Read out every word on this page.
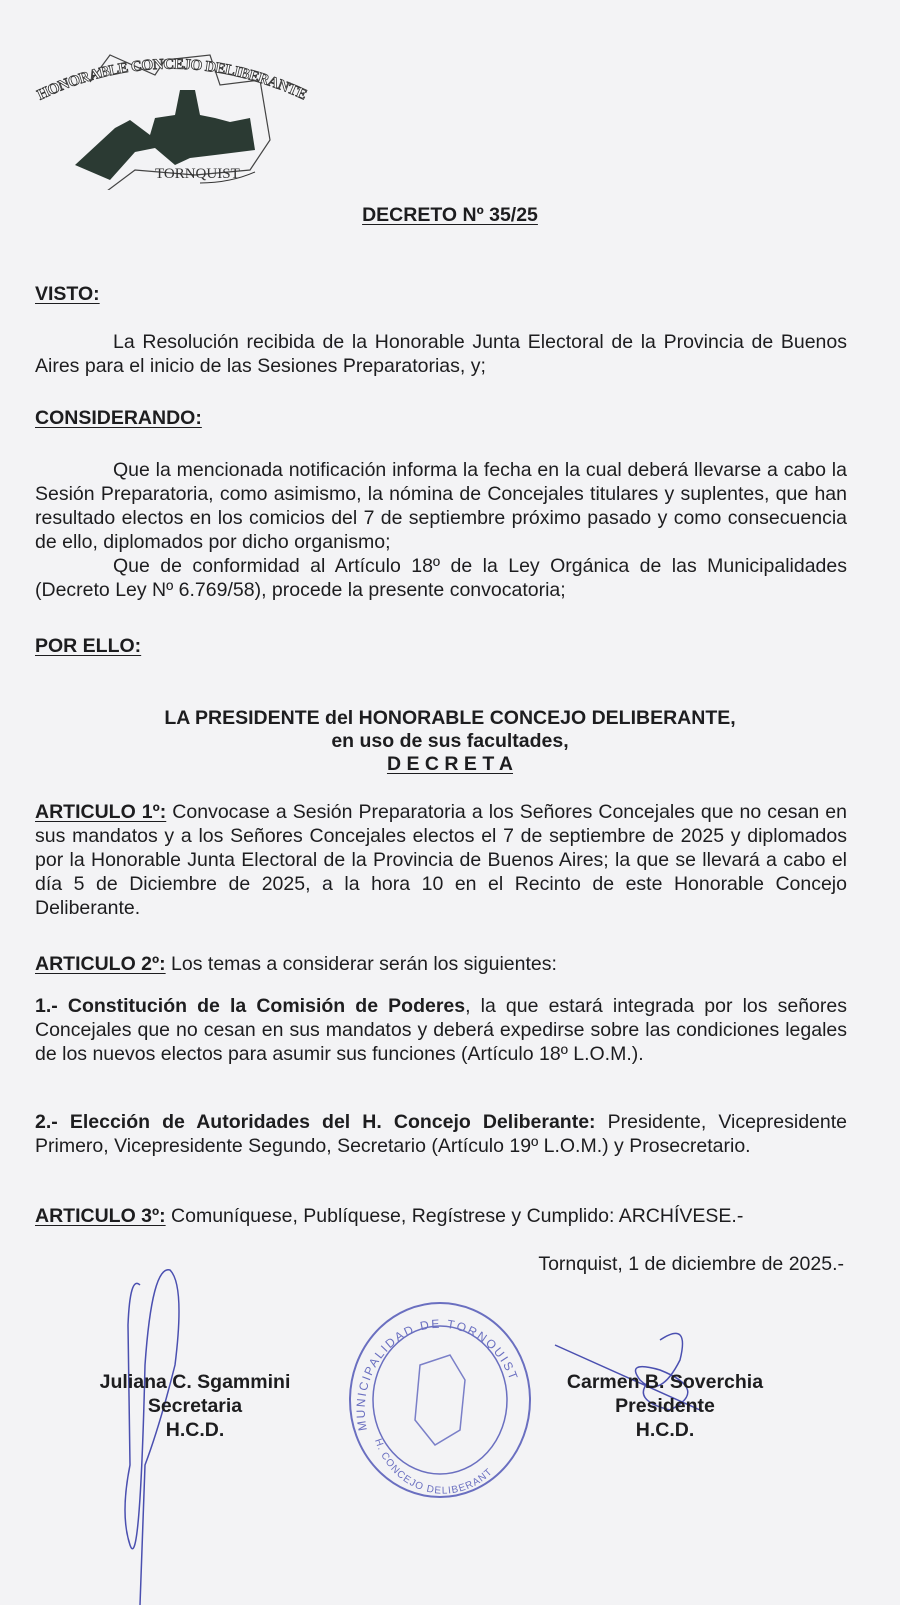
HONORABLE CONCEJO DELIBERANTE
TORNQUIST
DECRETO Nº 35/25
VISTO:

La Resolución recibida de la Honorable Junta Electoral de la Provincia de Buenos Aires para el inicio de las Sesiones Preparatorias, y;

CONSIDERANDO:

Que la mencionada notificación informa la fecha en la cual deberá llevarse a cabo la Sesión Preparatoria, como asimismo, la nómina de Concejales titulares y suplentes, que han resultado electos en los comicios del 7 de septiembre próximo pasado y como consecuencia de ello, diplomados por dicho organismo;

Que de conformidad al Artículo 18º de la Ley Orgánica de las Municipalidades (Decreto Ley Nº 6.769/58), procede la presente convocatoria;

POR ELLO:
LA PRESIDENTE del HONORABLE CONCEJO DELIBERANTE,
en uso de sus facultades,
D E C R E T A

ARTICULO 1º: Convocase a Sesión Preparatoria a los Señores Concejales que no cesan en sus mandatos y a los Señores Concejales electos el 7 de septiembre de 2025 y diplomados por la Honorable Junta Electoral de la Provincia de Buenos Aires; la que se llevará a cabo el día 5 de Diciembre de 2025, a la hora 10 en el Recinto de este Honorable Concejo Deliberante.

ARTICULO 2º: Los temas a considerar serán los siguientes:

1.- Constitución de la Comisión de Poderes, la que estará integrada por los señores Concejales que no cesan en sus mandatos y deberá expedirse sobre las condiciones legales de los nuevos electos para asumir sus funciones (Artículo 18º L.O.M.).

2.- Elección de Autoridades del H. Concejo Deliberante: Presidente, Vicepresidente Primero, Vicepresidente Segundo, Secretario (Artículo 19º L.O.M.) y Prosecretario.

ARTICULO 3º: Comuníquese, Publíquese, Regístrese y Cumplido: ARCHÍVESE.-

Tornquist, 1 de diciembre de 2025.-
MUNICIPALIDAD DE TORNQUIST
H. CONCEJO DELIBERANT
Juliana C. Sgammini
Secretaria
H.C.D.
Carmen B. Soverchia
Presidente
H.C.D.
